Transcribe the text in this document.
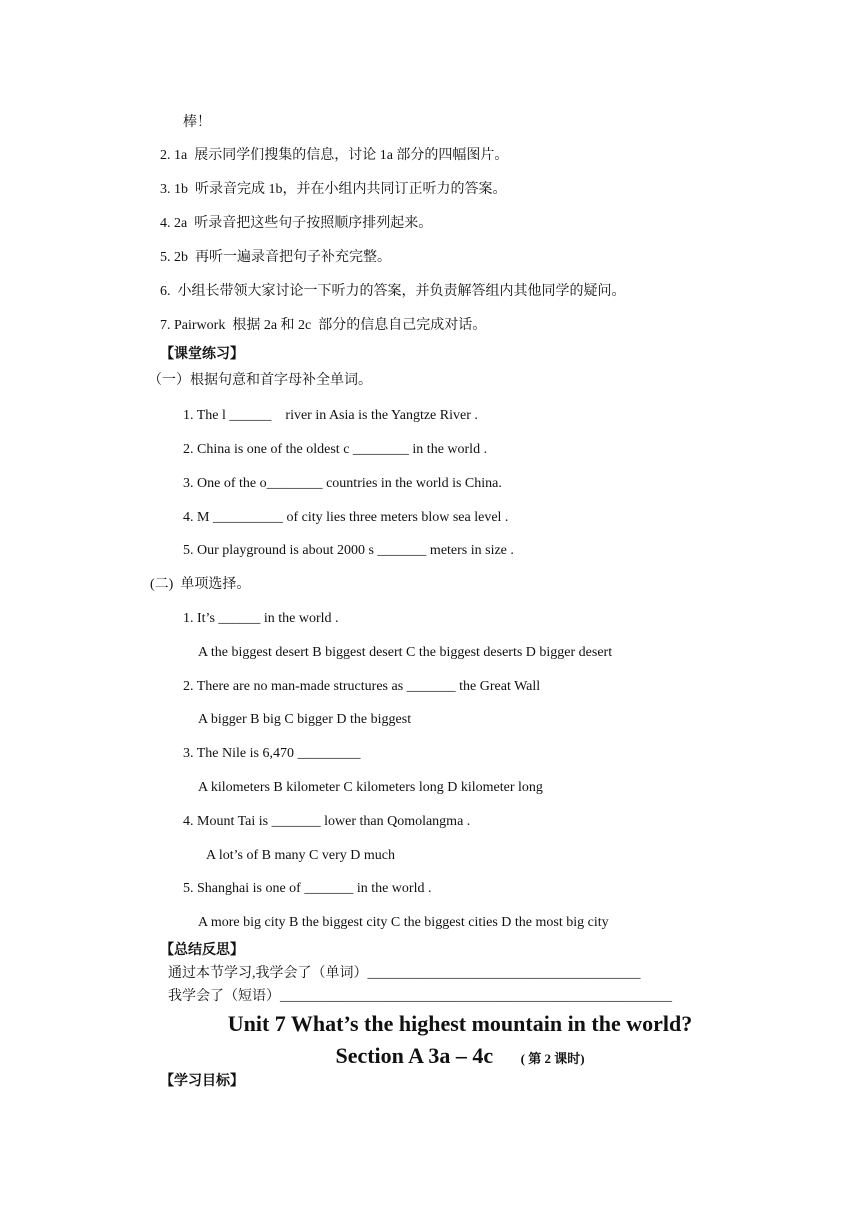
棒！
2. 1a  展示同学们搜集的信息，讨论 1a 部分的四幅图片。
3. 1b  听录音完成 1b，并在小组内共同订正听力的答案。
4. 2a  听录音把这些句子按照顺序排列起来。
5. 2b  再听一遍录音把句子补充完整。
6.  小组长带领大家讨论一下听力的答案，并负责解答组内其他同学的疑问。
7. Pairwork  根据 2a 和 2c  部分的信息自己完成对话。
【课堂练习】
（一）根据句意和首字母补全单词。
1. The l ______    river in Asia is the Yangtze River .
2. China is one of the oldest c ________ in the world .
3. One of the o________ countries in the world is China.
4. M __________ of city lies three meters blow sea level .
5. Our playground is about 2000 s _______ meters in size .
(二)  单项选择。
1. It’s ______ in the world .
A the biggest desert B biggest desert C the biggest deserts D bigger desert
2. There are no man-made structures as _______ the Great Wall
A bigger B big C bigger D the biggest
3. The Nile is 6,470 _________
A kilometers B kilometer C kilometers long D kilometer long
4. Mount Tai is _______ lower than Qomolangma .
A lot’s of B many C very D much
5. Shanghai is one of _______ in the world .
A more big city B the biggest city C the biggest cities D the most big city
【总结反思】
通过本节学习,我学会了（单词）_______________________________________
我学会了（短语）________________________________________________________
Unit 7 What’s the highest mountain in the world?
Section A 3a – 4c ( 第 2 课时)
【学习目标】
